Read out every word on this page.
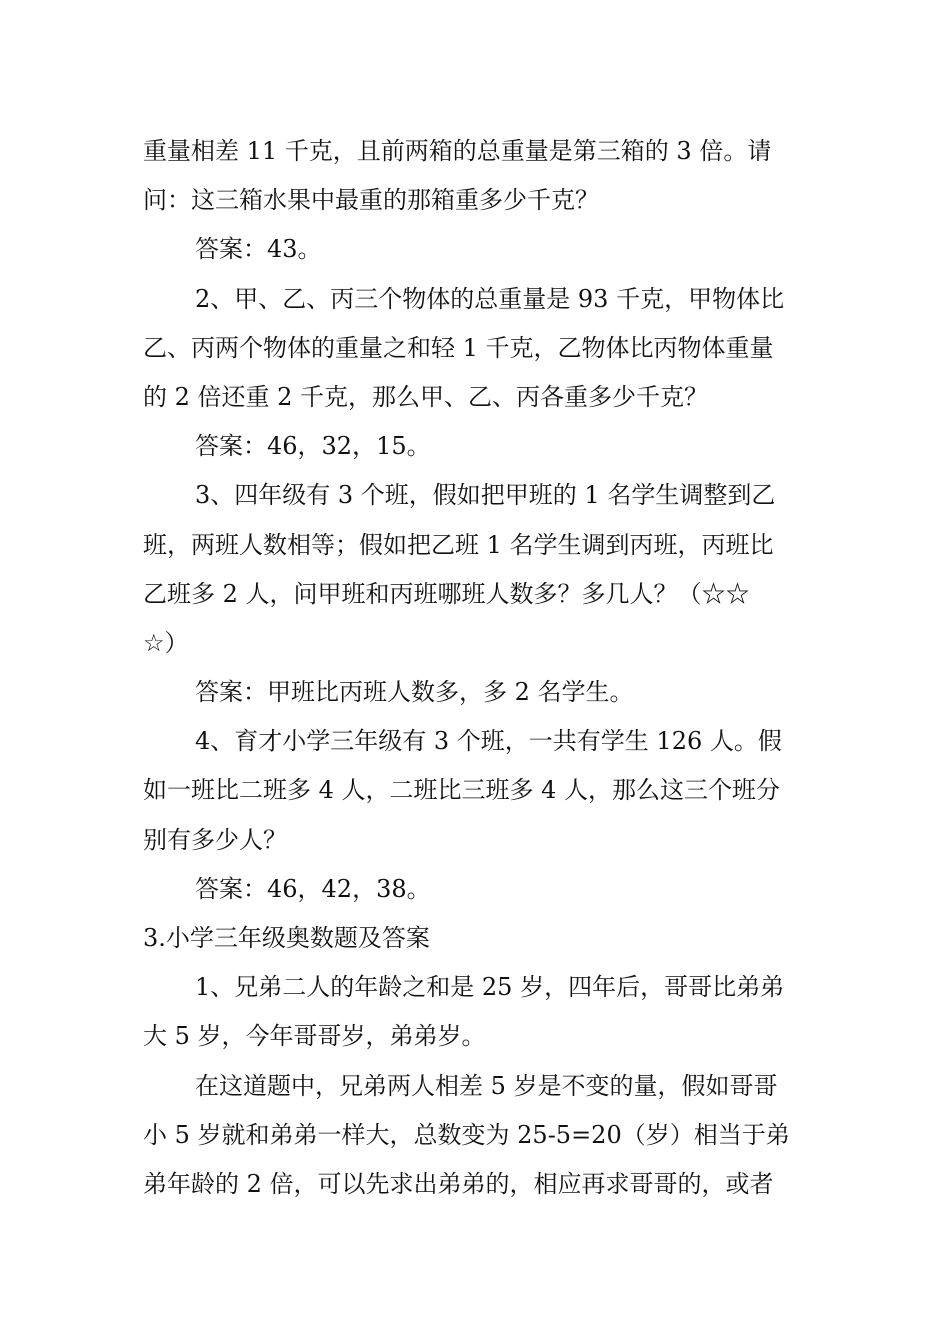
重量相差 11 千克，且前两箱的总重量是第三箱的 3 倍。请
问：这三箱水果中最重的那箱重多少千克？
答案：43。
2、甲、乙、丙三个物体的总重量是 93 千克，甲物体比
乙、丙两个物体的重量之和轻 1 千克，乙物体比丙物体重量
的 2 倍还重 2 千克，那么甲、乙、丙各重多少千克？
答案：46，32，15。
3、四年级有 3 个班，假如把甲班的 1 名学生调整到乙
班，两班人数相等；假如把乙班 1 名学生调到丙班，丙班比
乙班多 2 人，问甲班和丙班哪班人数多？多几人？（☆☆
☆）
答案：甲班比丙班人数多，多 2 名学生。
4、育才小学三年级有 3 个班，一共有学生 126 人。假
如一班比二班多 4 人，二班比三班多 4 人，那么这三个班分
别有多少人？
答案：46，42，38。
3.小学三年级奥数题及答案
1、兄弟二人的年龄之和是 25 岁，四年后，哥哥比弟弟
大 5 岁，今年哥哥岁，弟弟岁。
在这道题中，兄弟两人相差 5 岁是不变的量，假如哥哥
小 5 岁就和弟弟一样大，总数变为 25-5=20（岁）相当于弟
弟年龄的 2 倍，可以先求出弟弟的，相应再求哥哥的，或者
